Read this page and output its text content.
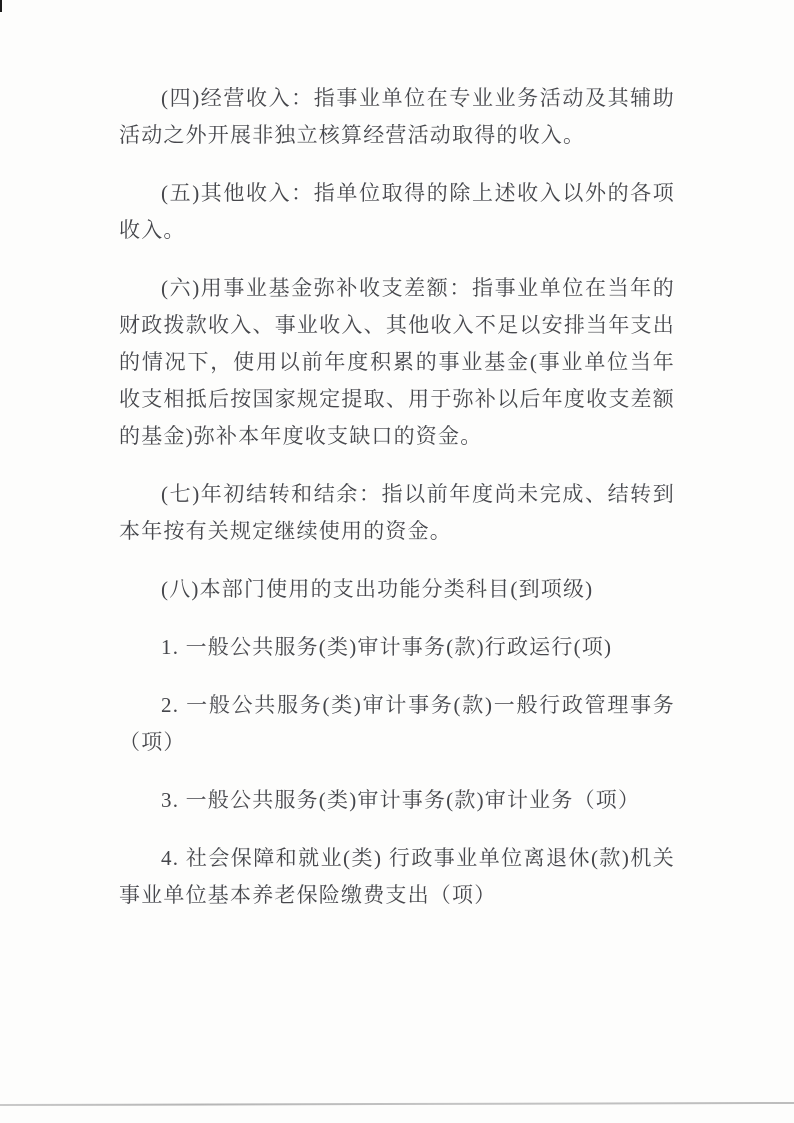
(四)经营收入：指事业单位在专业业务活动及其辅助活动之外开展非独立核算经营活动取得的收入。

(五)其他收入：指单位取得的除上述收入以外的各项收入。

(六)用事业基金弥补收支差额：指事业单位在当年的财政拨款收入、事业收入、其他收入不足以安排当年支出的情况下，使用以前年度积累的事业基金(事业单位当年收支相抵后按国家规定提取、用于弥补以后年度收支差额的基金)弥补本年度收支缺口的资金。

(七)年初结转和结余：指以前年度尚未完成、结转到本年按有关规定继续使用的资金。

(八)本部门使用的支出功能分类科目(到项级)

1. 一般公共服务(类)审计事务(款)行政运行(项)

2. 一般公共服务(类)审计事务(款)一般行政管理事务（项）

3. 一般公共服务(类)审计事务(款)审计业务（项）

4. 社会保障和就业(类) 行政事业单位离退休(款)机关事业单位基本养老保险缴费支出（项）
